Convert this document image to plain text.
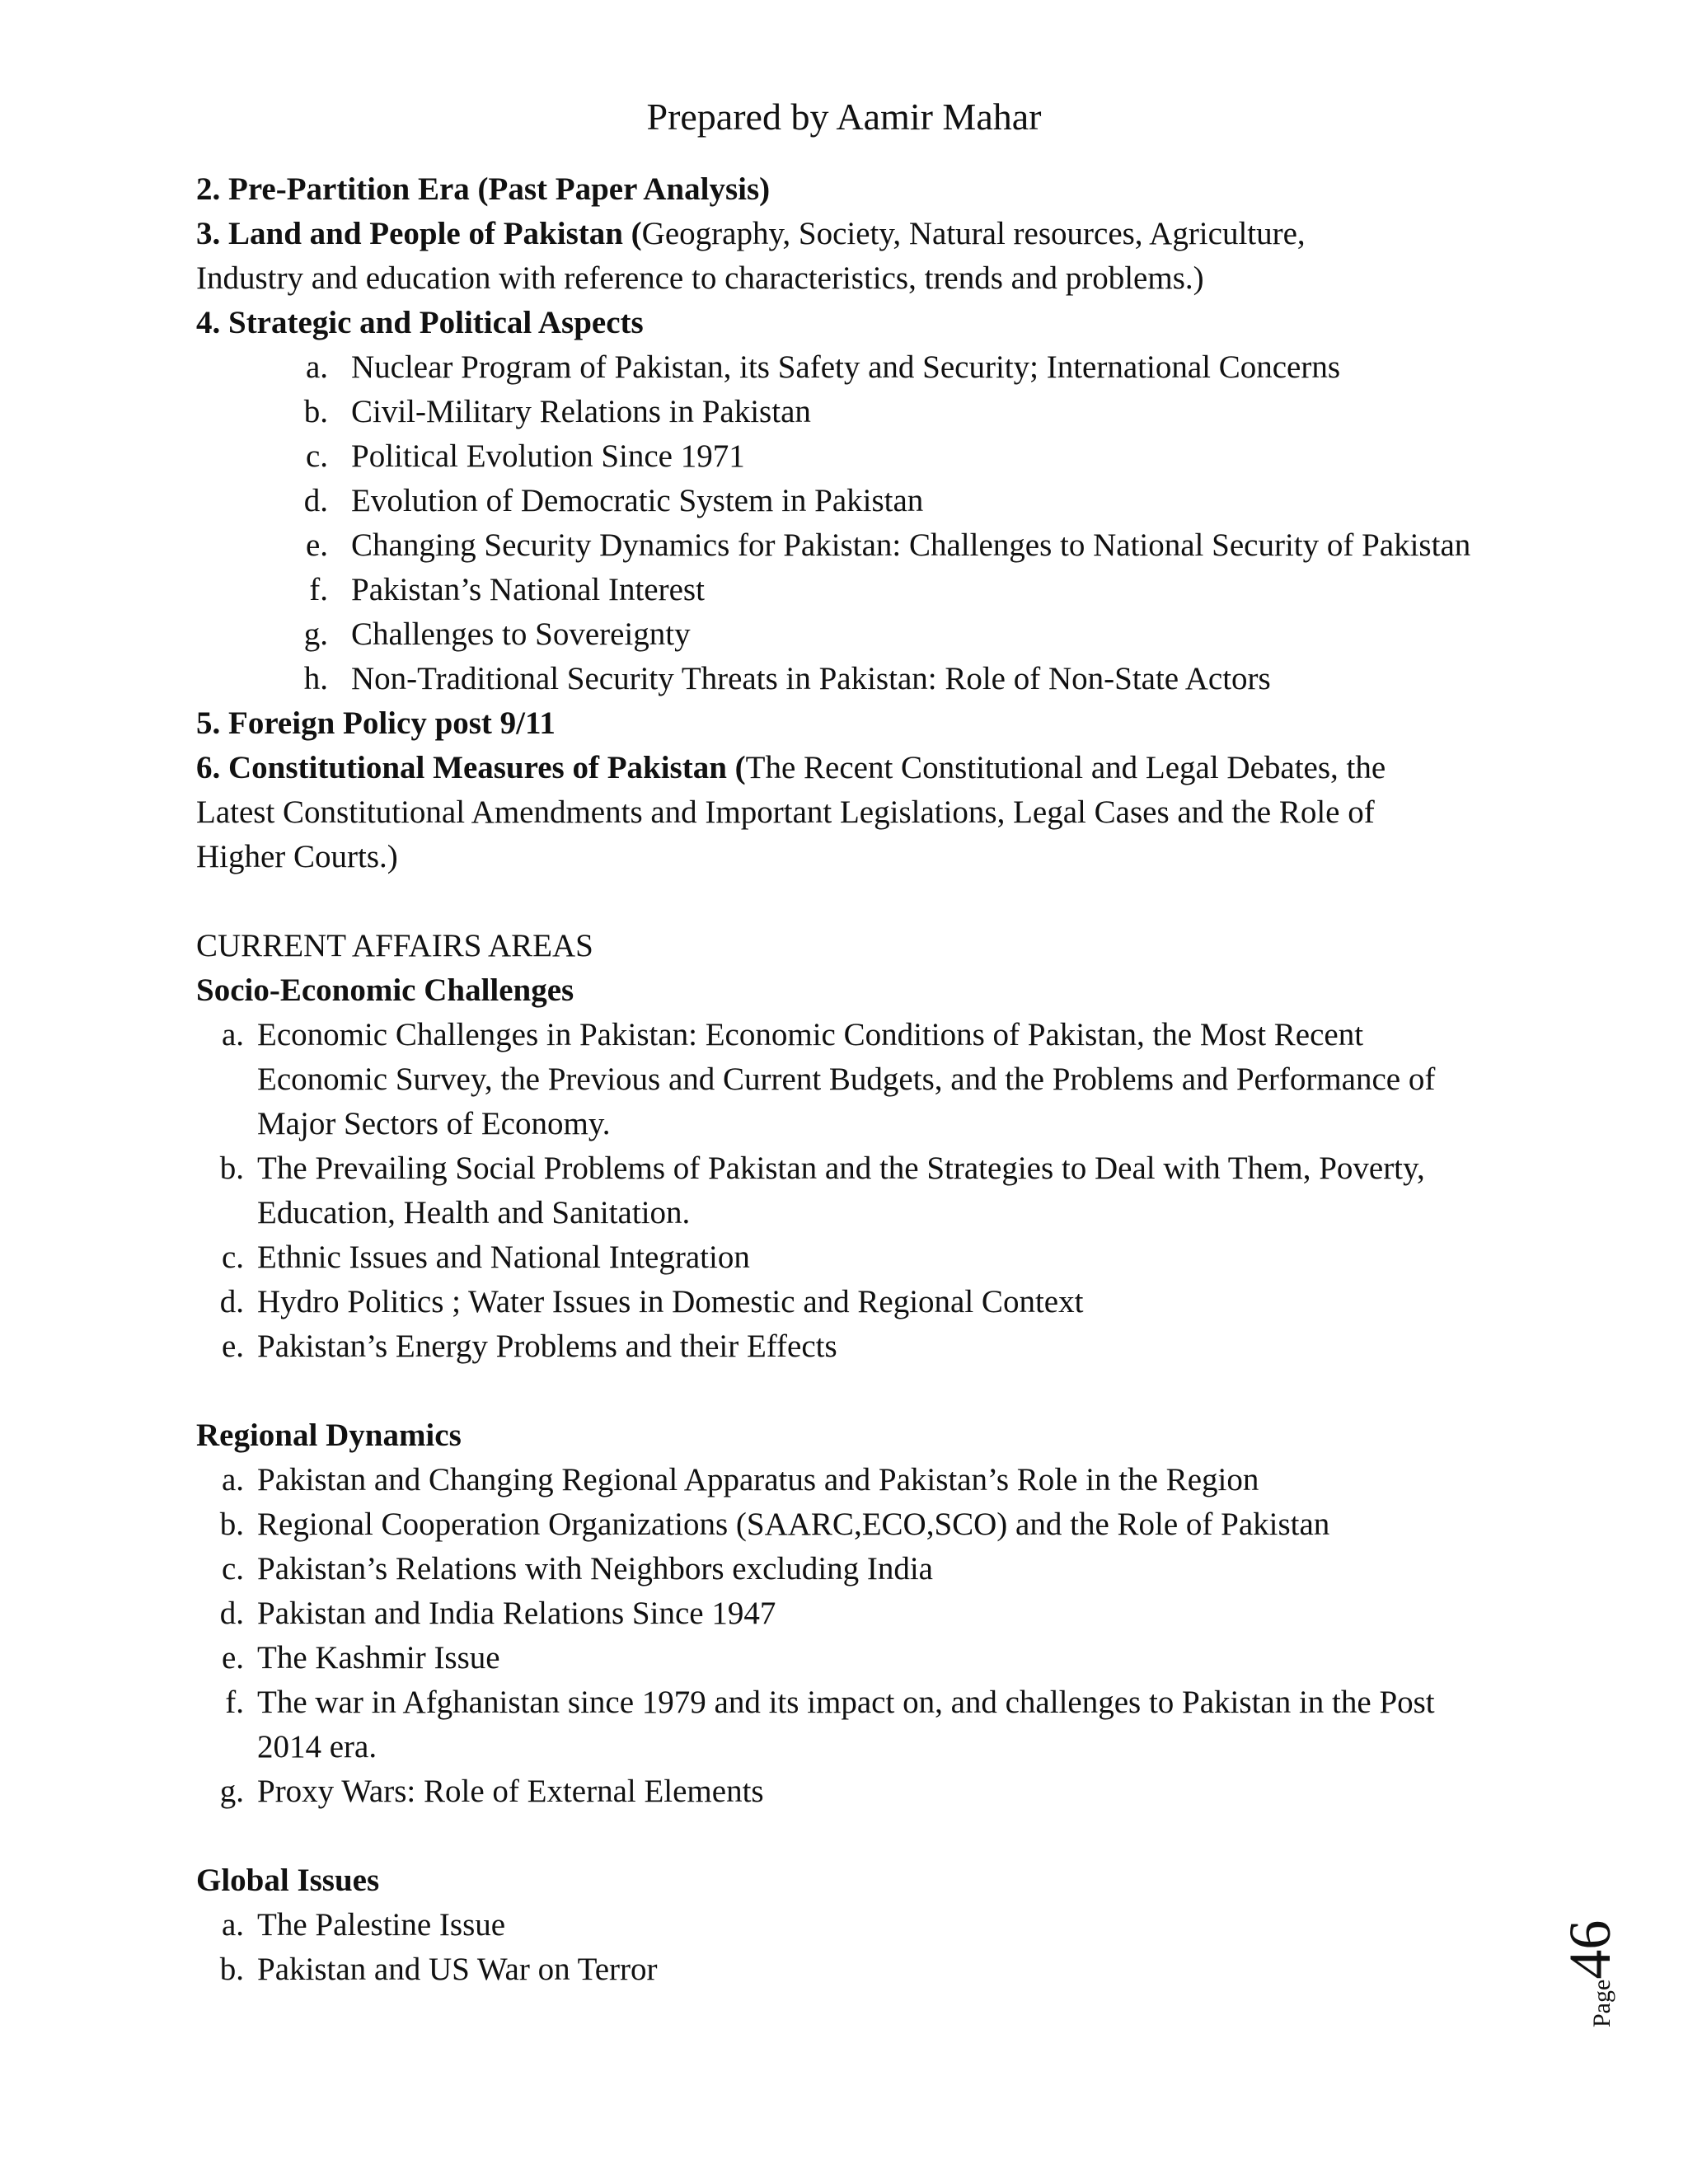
Prepared by Aamir Mahar

2. Pre-Partition Era (Past Paper Analysis)

3. Land and People of Pakistan (Geography, Society, Natural resources, Agriculture,

Industry and education with reference to characteristics, trends and problems.)

4. Strategic and Political Aspects

a. Nuclear Program of Pakistan, its Safety and Security; International Concerns
b. Civil-Military Relations in Pakistan
c. Political Evolution Since 1971
d. Evolution of Democratic System in Pakistan
e. Changing Security Dynamics for Pakistan: Challenges to National Security of Pakistan
f. Pakistan’s National Interest
g. Challenges to Sovereignty
h. Non-Traditional Security Threats in Pakistan: Role of Non-State Actors

5. Foreign Policy post 9/11

6. Constitutional Measures of Pakistan (The Recent Constitutional and Legal Debates, the

Latest Constitutional Amendments and Important Legislations, Legal Cases and the Role of

Higher Courts.)

CURRENT AFFAIRS AREAS

Socio-Economic Challenges

a. Economic Challenges in Pakistan: Economic Conditions of Pakistan, the Most Recent Economic Survey, the Previous and Current Budgets, and the Problems and Performance of Major Sectors of Economy.
b. The Prevailing Social Problems of Pakistan and the Strategies to Deal with Them, Poverty, Education, Health and Sanitation.
c. Ethnic Issues and National Integration
d. Hydro Politics ; Water Issues in Domestic and Regional Context
e. Pakistan’s Energy Problems and their Effects

Regional Dynamics

a. Pakistan and Changing Regional Apparatus and Pakistan’s Role in the Region
b. Regional Cooperation Organizations (SAARC,ECO,SCO) and the Role of Pakistan
c. Pakistan’s Relations with Neighbors excluding India
d. Pakistan and India Relations Since 1947
e. The Kashmir Issue
f. The war in Afghanistan since 1979 and its impact on, and challenges to Pakistan in the Post 2014 era.
g. Proxy Wars: Role of External Elements

Global Issues

a. The Palestine Issue
b. Pakistan and US War on Terror
Page46
